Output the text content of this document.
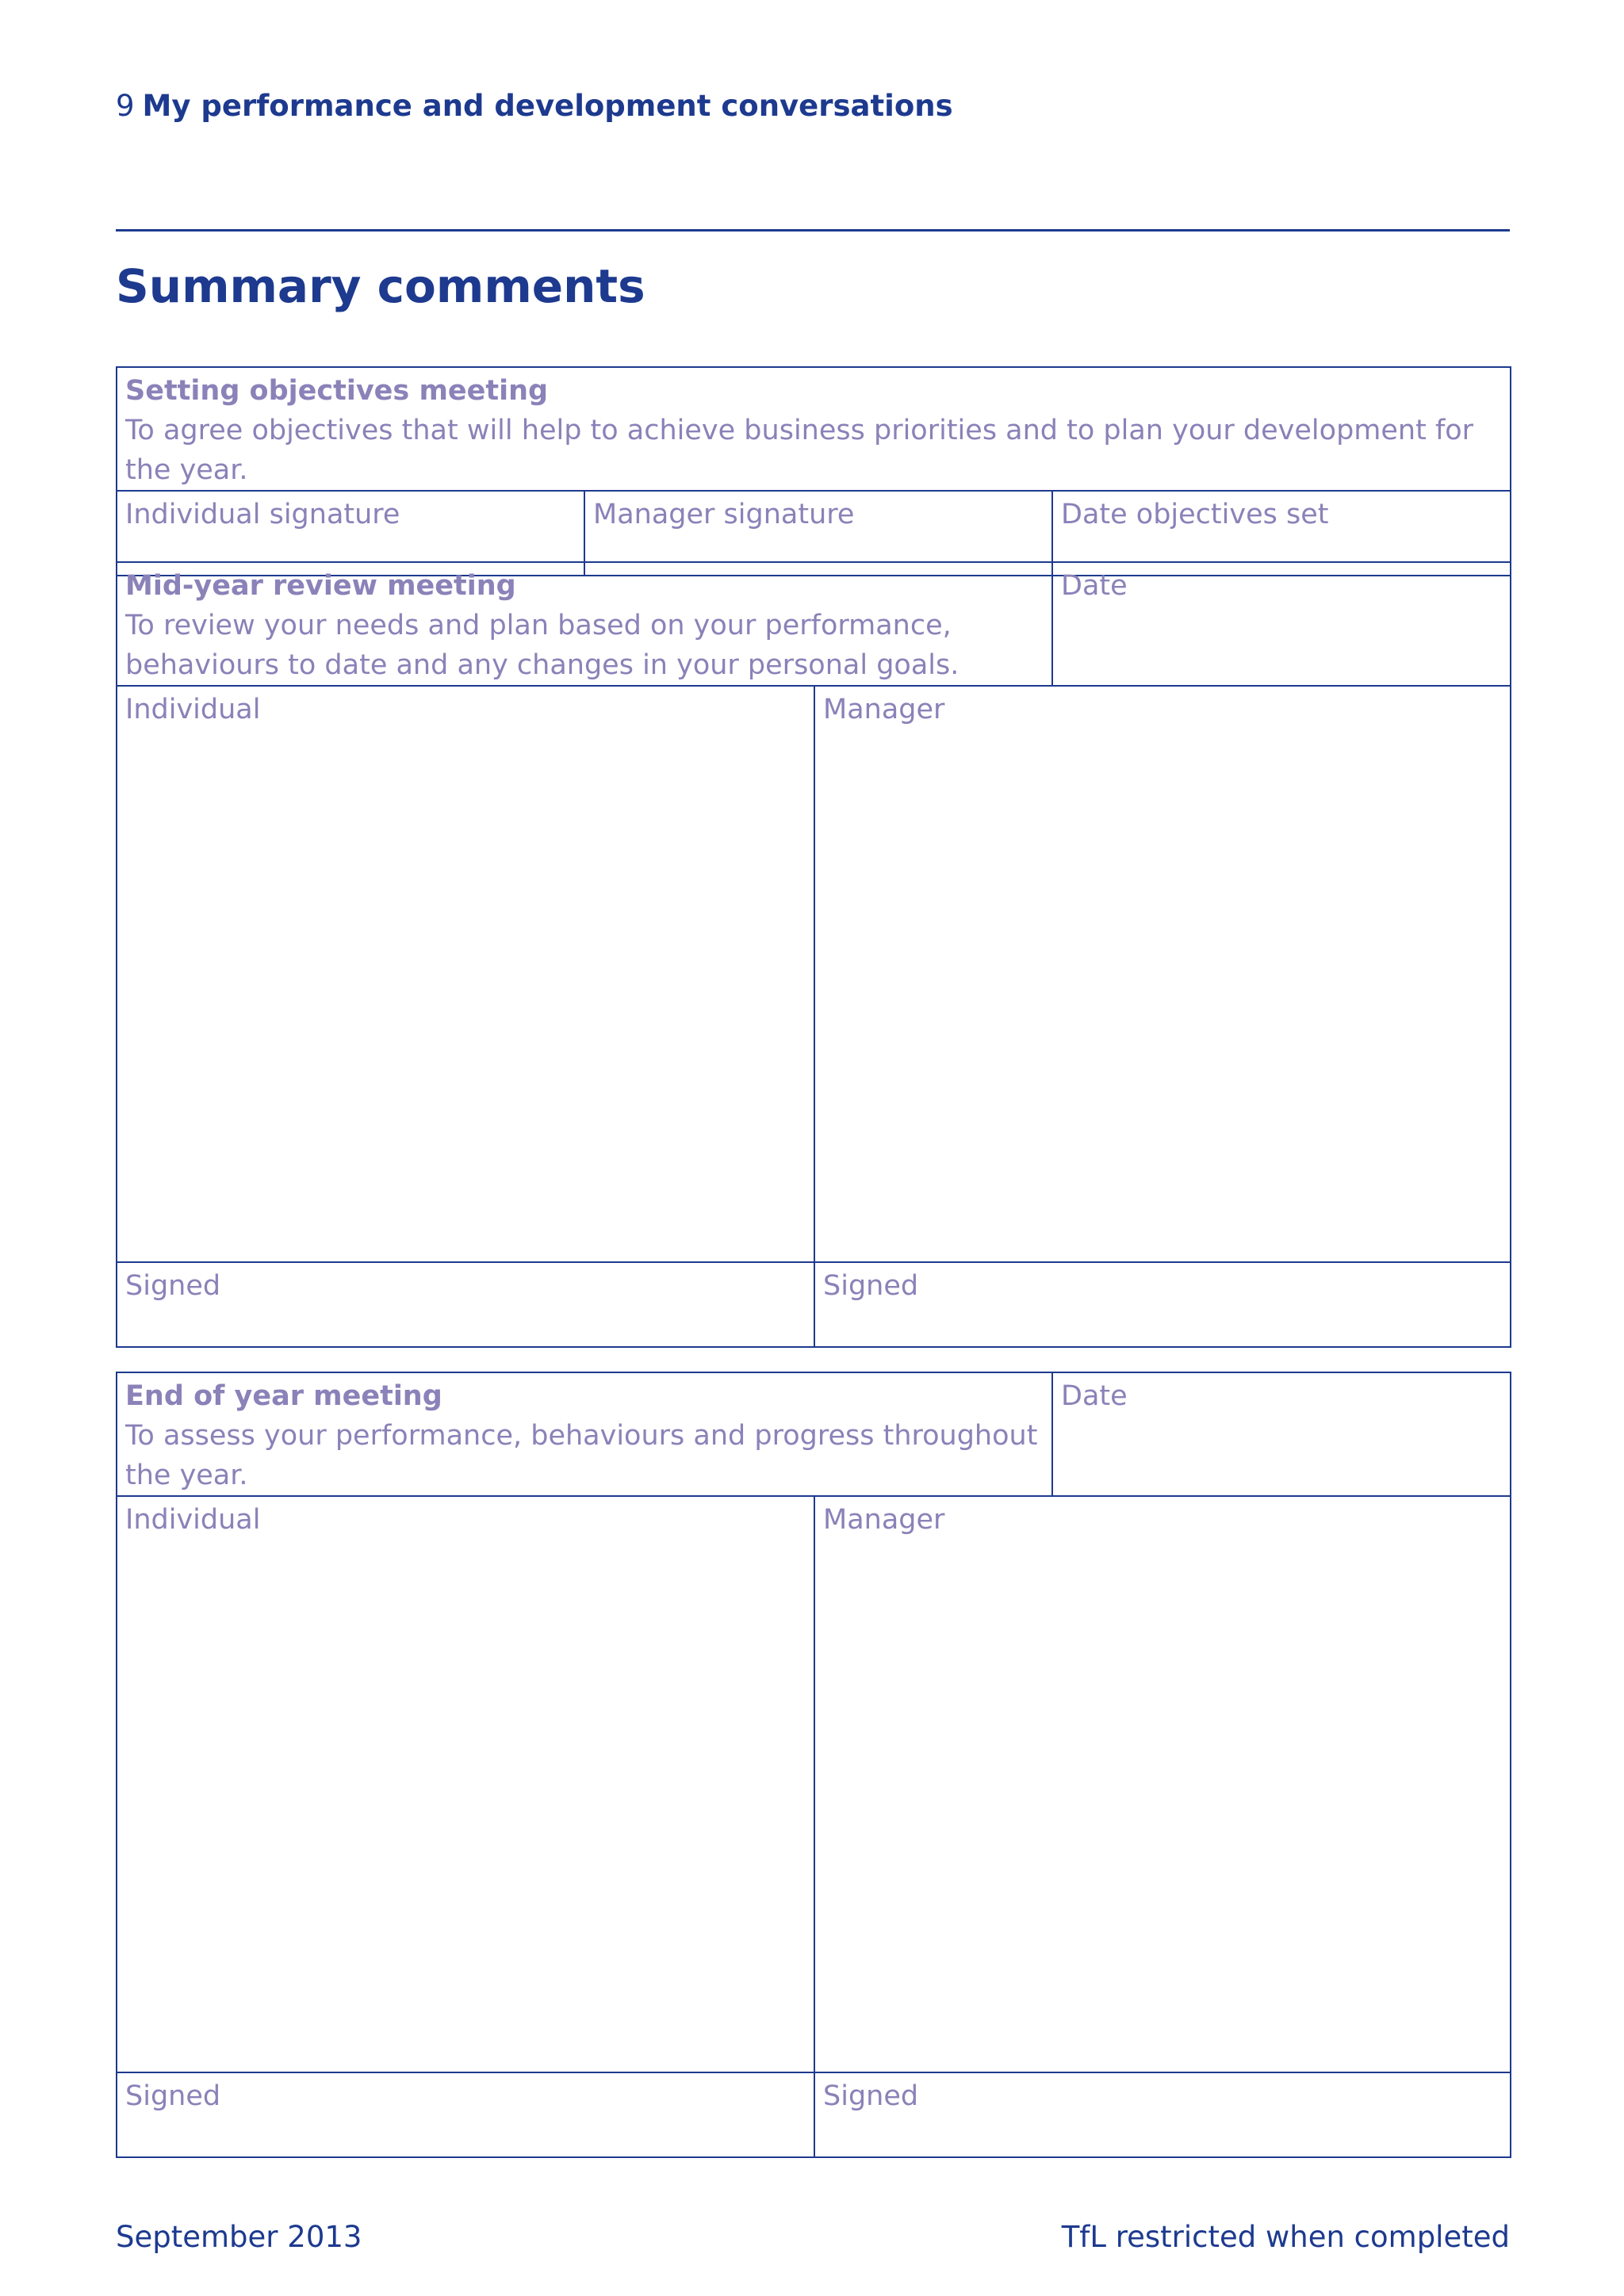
9 My performance and development conversations
Summary comments
Setting objectives meeting
To agree objectives that will help to achieve business priorities and to plan your development for the year.

Individual signature	Manager signature	Date objectives set
Mid-year review meeting
To review your needs and plan based on your performance, behaviours to date and any changes in your personal goals.		Date

Individual	Manager	

Signed	Signed	
End of year meeting
To assess your performance, behaviours and progress throughout the year.		Date

Individual	Manager	

Signed	Signed	
September 2013	TfL restricted when completed
